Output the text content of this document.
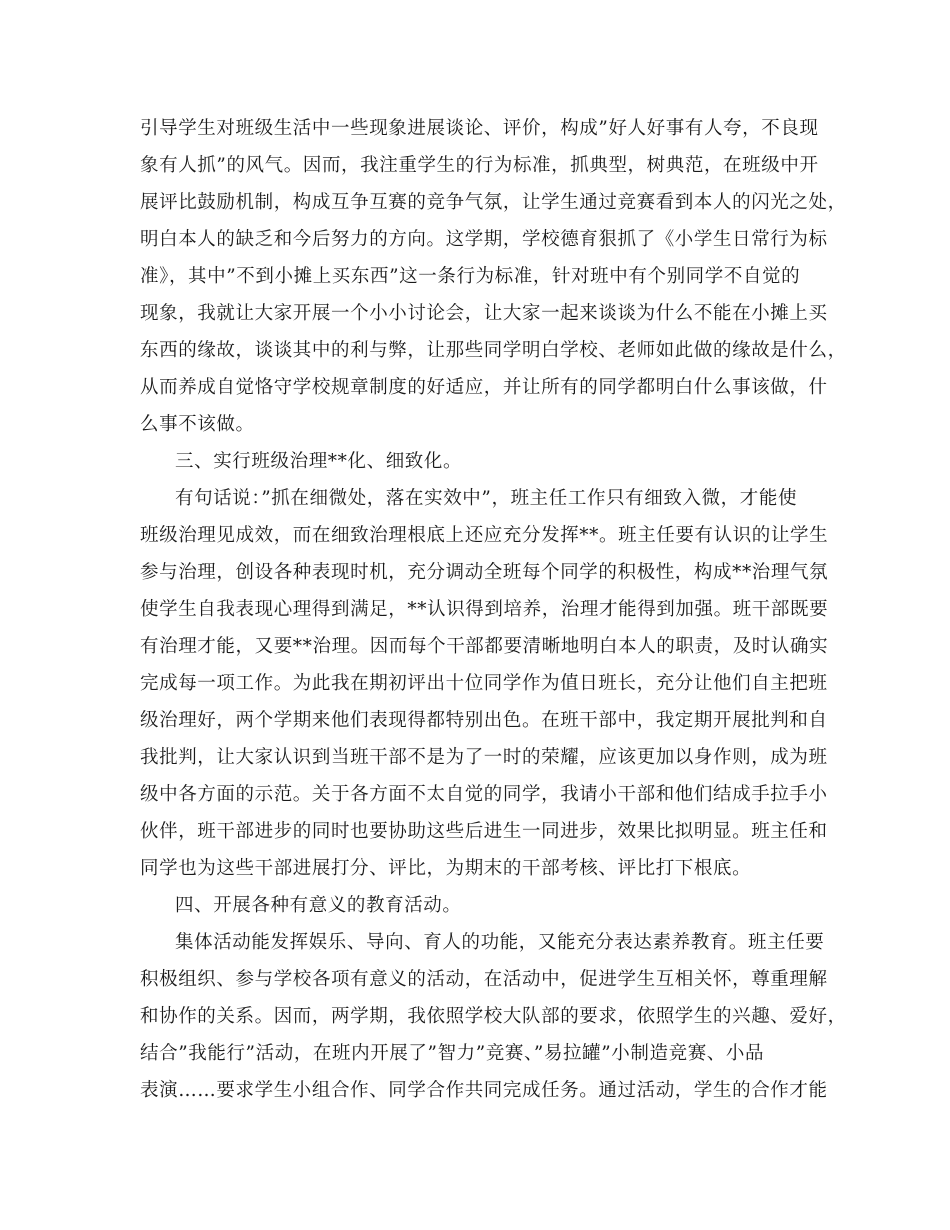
引导学生对班级生活中一些现象进展谈论、评价，构成”好人好事有人夸，不良现
象有人抓”的风气。因而，我注重学生的行为标准，抓典型，树典范，在班级中开
展评比鼓励机制，构成互争互赛的竞争气氛，让学生通过竞赛看到本人的闪光之处，
明白本人的缺乏和今后努力的方向。这学期，学校德育狠抓了《小学生日常行为标
准》，其中”不到小摊上买东西”这一条行为标准，针对班中有个别同学不自觉的
现象，我就让大家开展一个小小讨论会，让大家一起来谈谈为什么不能在小摊上买
东西的缘故，谈谈其中的利与弊，让那些同学明白学校、老师如此做的缘故是什么，
从而养成自觉恪守学校规章制度的好适应，并让所有的同学都明白什么事该做，什
么事不该做。
三、实行班级治理**化、细致化。
有句话说：”抓在细微处，落在实效中”，班主任工作只有细致入微，才能使
班级治理见成效，而在细致治理根底上还应充分发挥**。班主任要有认识的让学生
参与治理，创设各种表现时机，充分调动全班每个同学的积极性，构成**治理气氛
使学生自我表现心理得到满足，**认识得到培养，治理才能得到加强。班干部既要
有治理才能，又要**治理。因而每个干部都要清晰地明白本人的职责，及时认确实
完成每一项工作。为此我在期初评出十位同学作为值日班长，充分让他们自主把班
级治理好，两个学期来他们表现得都特别出色。在班干部中，我定期开展批判和自
我批判，让大家认识到当班干部不是为了一时的荣耀，应该更加以身作则，成为班
级中各方面的示范。关于各方面不太自觉的同学，我请小干部和他们结成手拉手小
伙伴，班干部进步的同时也要协助这些后进生一同进步，效果比拟明显。班主任和
同学也为这些干部进展打分、评比，为期末的干部考核、评比打下根底。
四、开展各种有意义的教育活动。
集体活动能发挥娱乐、导向、育人的功能，又能充分表达素养教育。班主任要
积极组织、参与学校各项有意义的活动，在活动中，促进学生互相关怀，尊重理解
和协作的关系。因而，两学期，我依照学校大队部的要求，依照学生的兴趣、爱好，
结合”我能行”活动，在班内开展了”智力”竞赛、”易拉罐”小制造竞赛、小品
表演……要求学生小组合作、同学合作共同完成任务。通过活动，学生的合作才能
